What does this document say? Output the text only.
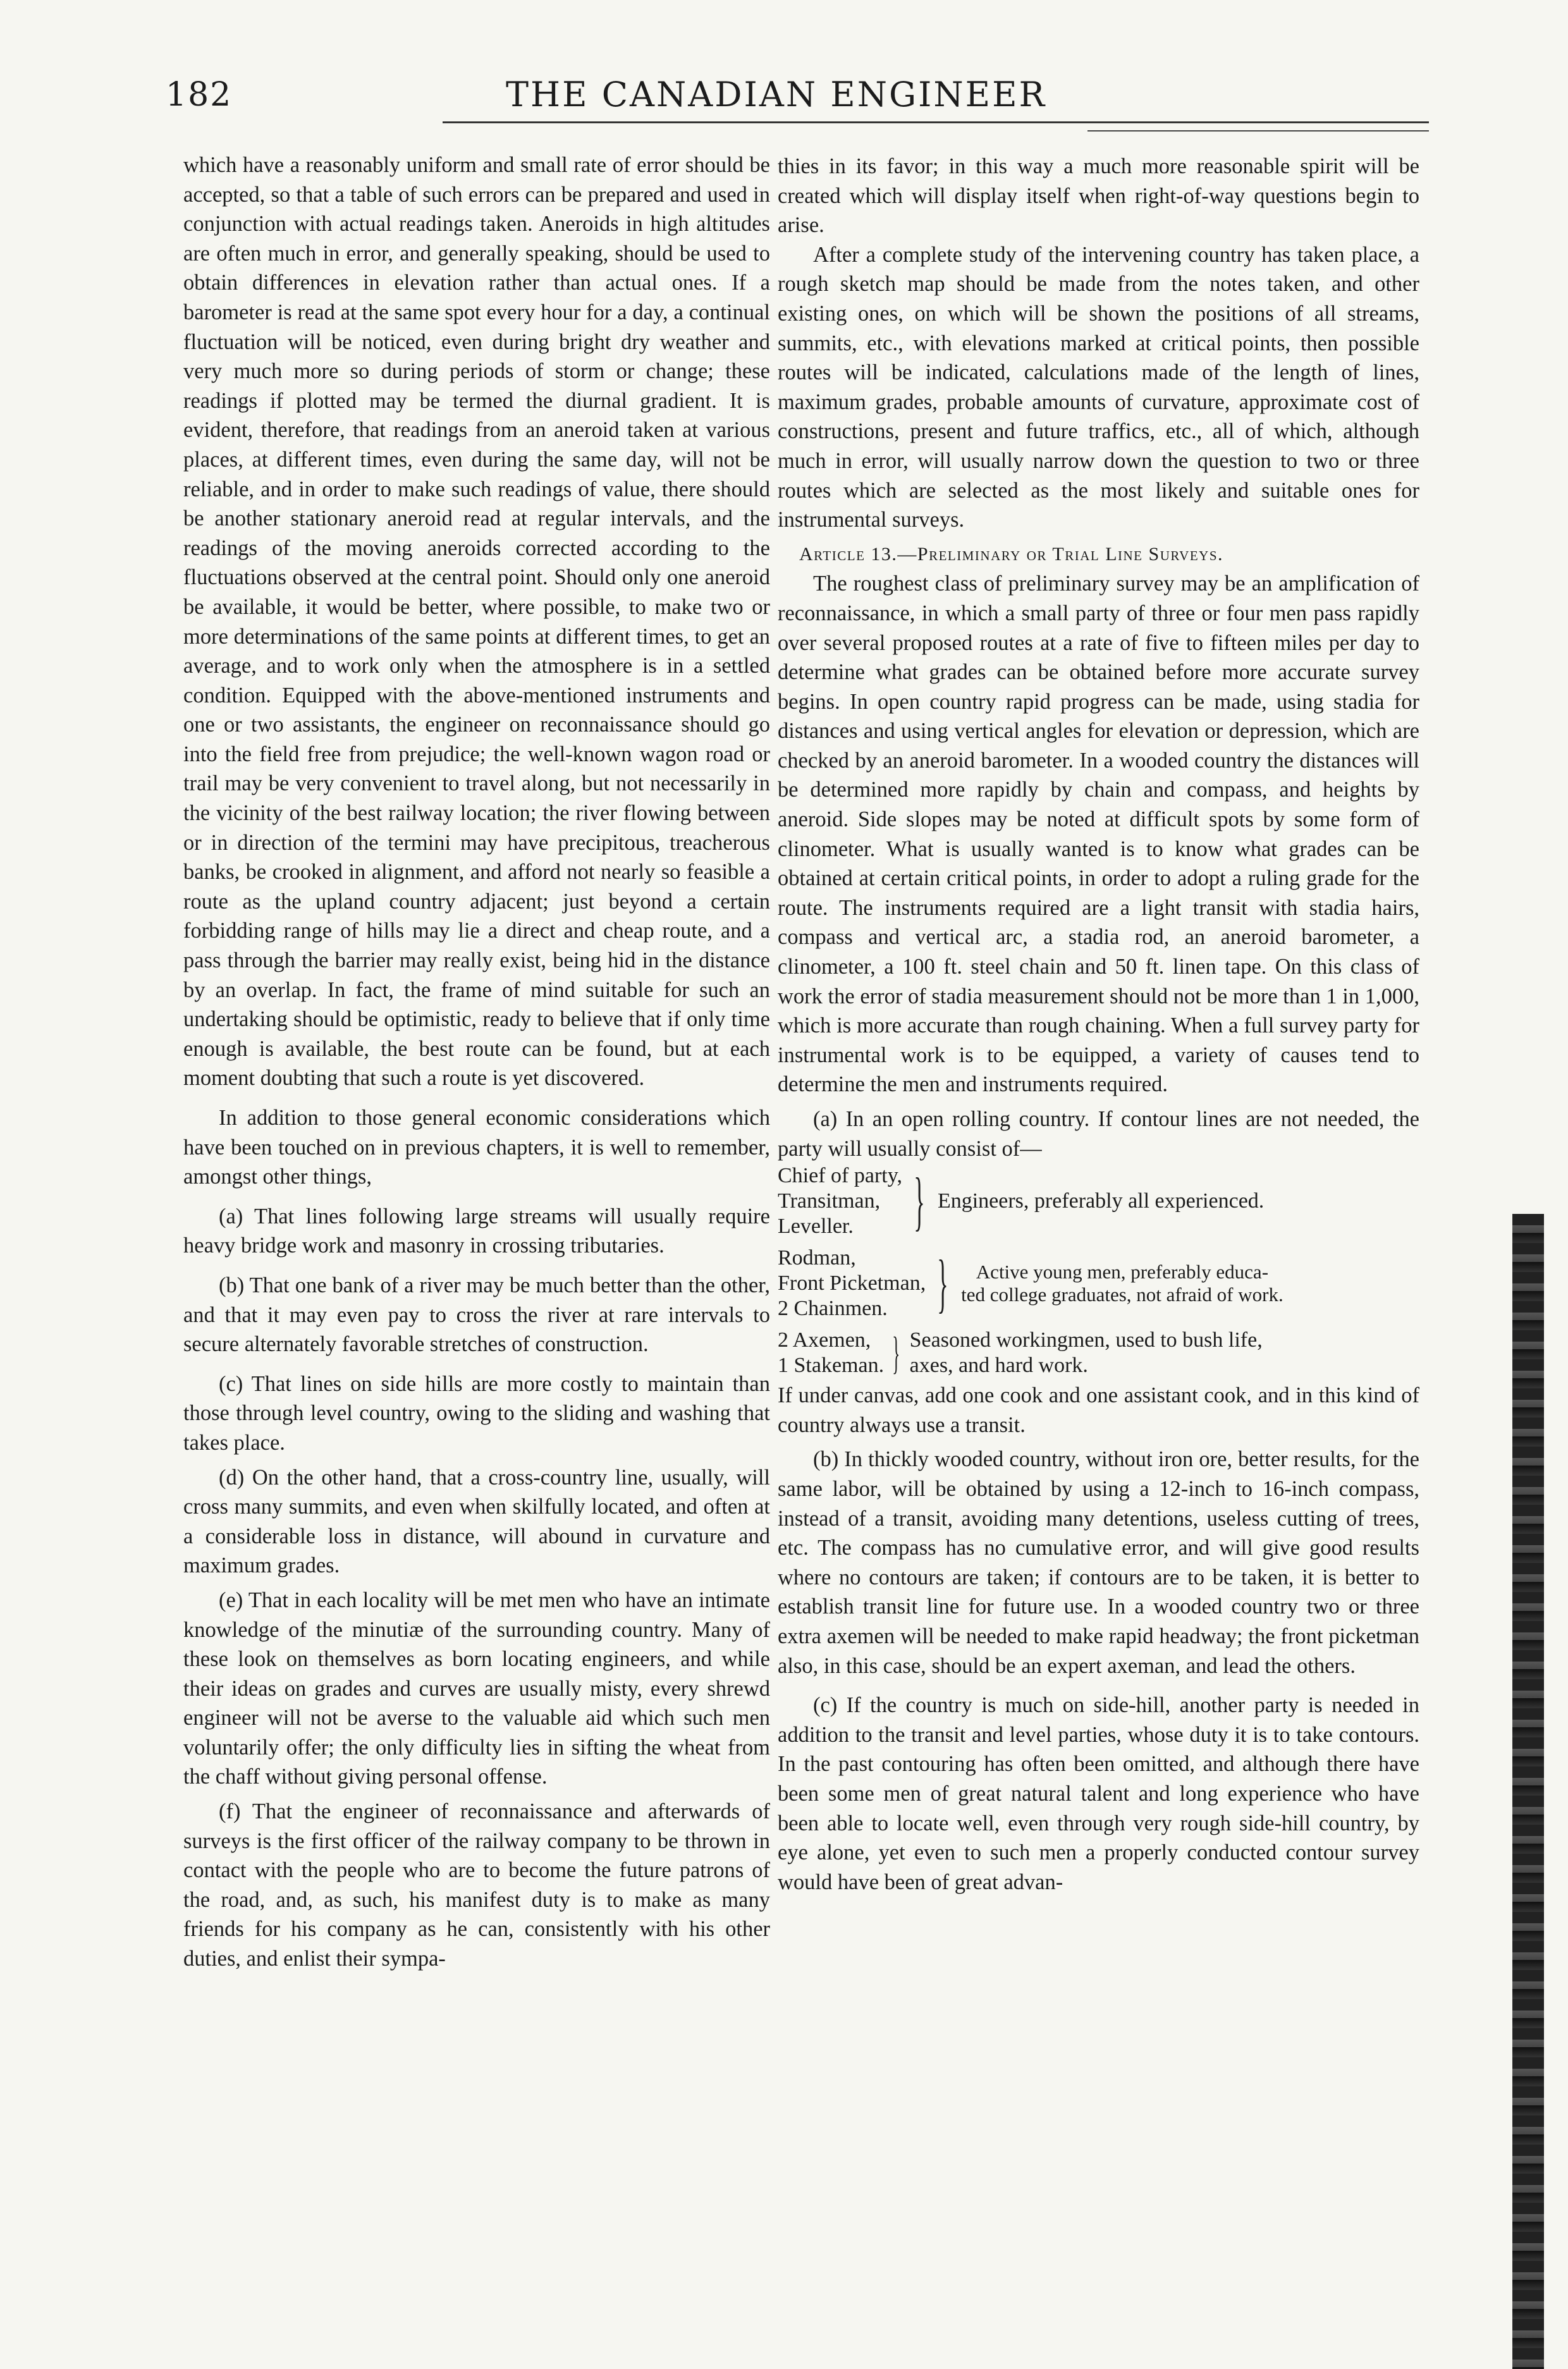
182	THE CANADIAN ENGINEER

which have a reasonably uniform and small rate of error should be accepted, so that a table of such errors can be prepared and used in conjunction with actual readings taken. Aneroids in high altitudes are often much in error, and generally speaking, should be used to obtain differences in elevation rather than actual ones. If a barometer is read at the same spot every hour for a day, a continual fluctuation will be noticed, even during bright dry weather and very much more so during periods of storm or change; these readings if plotted may be termed the diurnal gradient. It is evident, therefore, that readings from an aneroid taken at various places, at different times, even during the same day, will not be reliable, and in order to make such readings of value, there should be another stationary aneroid read at regular intervals, and the readings of the moving aneroids corrected according to the fluctuations observed at the central point. Should only one aneroid be available, it would be better, where possible, to make two or more determinations of the same points at different times, to get an average, and to work only when the atmosphere is in a settled condition. Equipped with the above-mentioned instruments and one or two assistants, the engineer on reconnaissance should go into the field free from prejudice; the well-known wagon road or trail may be very convenient to travel along, but not necessarily in the vicinity of the best railway location; the river flowing between or in direction of the termini may have precipitous, treacherous banks, be crooked in alignment, and afford not nearly so feasible a route as the upland country adjacent; just beyond a certain forbidding range of hills may lie a direct and cheap route, and a pass through the barrier may really exist, being hid in the distance by an overlap. In fact, the frame of mind suitable for such an undertaking should be optimistic, ready to believe that if only time enough is available, the best route can be found, but at each moment doubting that such a route is yet discovered.

In addition to those general economic considerations which have been touched on in previous chapters, it is well to remember, amongst other things,

(a) That lines following large streams will usually require heavy bridge work and masonry in crossing tributaries.

(b) That one bank of a river may be much better than the other, and that it may even pay to cross the river at rare intervals to secure alternately favorable stretches of construction.

(c) That lines on side hills are more costly to maintain than those through level country, owing to the sliding and washing that takes place.

(d) On the other hand, that a cross-country line, usually, will cross many summits, and even when skilfully located, and often at a considerable loss in distance, will abound in curvature and maximum grades.

(e) That in each locality will be met men who have an intimate knowledge of the minutiæ of the surrounding country. Many of these look on themselves as born locating engineers, and while their ideas on grades and curves are usually misty, every shrewd engineer will not be averse to the valuable aid which such men voluntarily offer; the only difficulty lies in sifting the wheat from the chaff without giving personal offense.

(f) That the engineer of reconnaissance and afterwards of surveys is the first officer of the railway company to be thrown in contact with the people who are to become the future patrons of the road, and, as such, his manifest duty is to make as many friends for his company as he can, consistently with his other duties, and enlist their sympa-

thies in its favor; in this way a much more reasonable spirit will be created which will display itself when right-of-way questions begin to arise.

After a complete study of the intervening country has taken place, a rough sketch map should be made from the notes taken, and other existing ones, on which will be shown the positions of all streams, summits, etc., with elevations marked at critical points, then possible routes will be indicated, calculations made of the length of lines, maximum grades, probable amounts of curvature, approximate cost of constructions, present and future traffics, etc., all of which, although much in error, will usually narrow down the question to two or three routes which are selected as the most likely and suitable ones for instrumental surveys.

Article 13.—Preliminary or Trial Line Surveys.

The roughest class of preliminary survey may be an amplification of reconnaissance, in which a small party of three or four men pass rapidly over several proposed routes at a rate of five to fifteen miles per day to determine what grades can be obtained before more accurate survey begins. In open country rapid progress can be made, using stadia for distances and using vertical angles for elevation or depression, which are checked by an aneroid barometer. In a wooded country the distances will be determined more rapidly by chain and compass, and heights by aneroid. Side slopes may be noted at difficult spots by some form of clinometer. What is usually wanted is to know what grades can be obtained at certain critical points, in order to adopt a ruling grade for the route. The instruments required are a light transit with stadia hairs, compass and vertical arc, a stadia rod, an aneroid barometer, a clinometer, a 100 ft. steel chain and 50 ft. linen tape. On this class of work the error of stadia measurement should not be more than 1 in 1,000, which is more accurate than rough chaining. When a full survey party for instrumental work is to be equipped, a variety of causes tend to determine the men and instruments required.

(a) In an open rolling country. If contour lines are not needed, the party will usually consist of—

Chief of party,
Transitman,
Leveller. } Engineers, preferably all experienced.
Rodman,
Front Picketman,
2 Chainmen. } Active young men, preferably educa-
ted college graduates, not afraid of work.
2 Axemen,
1 Stakeman. } Seasoned workingmen, used to bush life,
axes, and hard work.

If under canvas, add one cook and one assistant cook, and in this kind of country always use a transit.

(b) In thickly wooded country, without iron ore, better results, for the same labor, will be obtained by using a 12-inch to 16-inch compass, instead of a transit, avoiding many detentions, useless cutting of trees, etc. The compass has no cumulative error, and will give good results where no contours are taken; if contours are to be taken, it is better to establish transit line for future use. In a wooded country two or three extra axemen will be needed to make rapid headway; the front picketman also, in this case, should be an expert axeman, and lead the others.

(c) If the country is much on side-hill, another party is needed in addition to the transit and level parties, whose duty it is to take contours. In the past contouring has often been omitted, and although there have been some men of great natural talent and long experience who have been able to locate well, even through very rough side-hill country, by eye alone, yet even to such men a properly conducted contour survey would have been of great advan-
